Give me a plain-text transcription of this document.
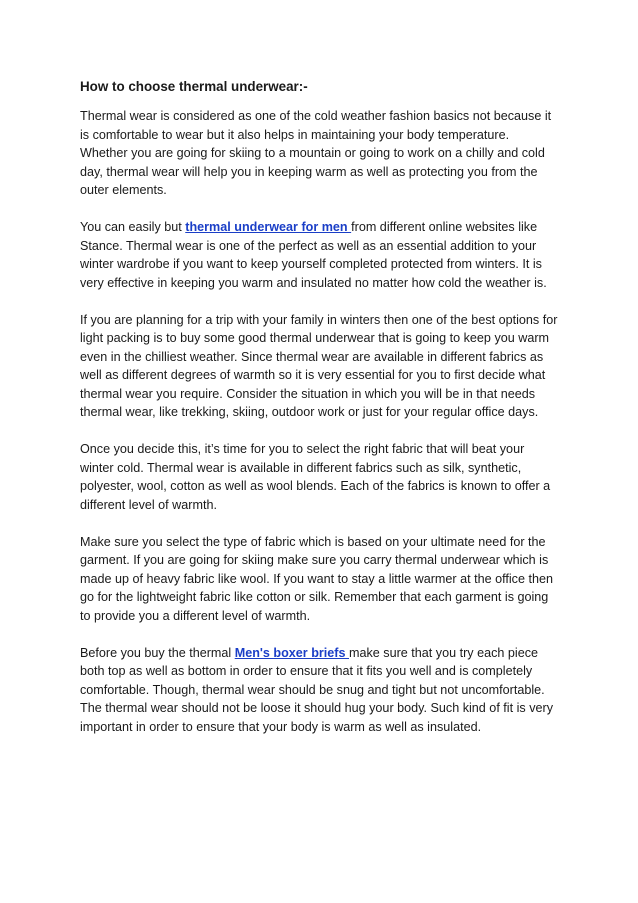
How to choose thermal underwear:-

Thermal wear is considered as one of the cold weather fashion basics not because it is comfortable to wear but it also helps in maintaining your body temperature. Whether you are going for skiing to a mountain or going to work on a chilly and cold day, thermal wear will help you in keeping warm as well as protecting you from the outer elements.

You can easily but thermal underwear for men from different online websites like Stance. Thermal wear is one of the perfect as well as an essential addition to your winter wardrobe if you want to keep yourself completed protected from winters. It is very effective in keeping you warm and insulated no matter how cold the weather is.

If you are planning for a trip with your family in winters then one of the best options for light packing is to buy some good thermal underwear that is going to keep you warm even in the chilliest weather. Since thermal wear are available in different fabrics as well as different degrees of warmth so it is very essential for you to first decide what thermal wear you require. Consider the situation in which you will be in that needs thermal wear, like trekking, skiing, outdoor work or just for your regular office days.

Once you decide this, it’s time for you to select the right fabric that will beat your winter cold. Thermal wear is available in different fabrics such as silk, synthetic, polyester, wool, cotton as well as wool blends. Each of the fabrics is known to offer a different level of warmth.

Make sure you select the type of fabric which is based on your ultimate need for the garment. If you are going for skiing make sure you carry thermal underwear which is made up of heavy fabric like wool. If you want to stay a little warmer at the office then go for the lightweight fabric like cotton or silk. Remember that each garment is going to provide you a different level of warmth.

Before you buy the thermal Men's boxer briefs make sure that you try each piece both top as well as bottom in order to ensure that it fits you well and is completely comfortable. Though, thermal wear should be snug and tight but not uncomfortable. The thermal wear should not be loose it should hug your body. Such kind of fit is very important in order to ensure that your body is warm as well as insulated.
